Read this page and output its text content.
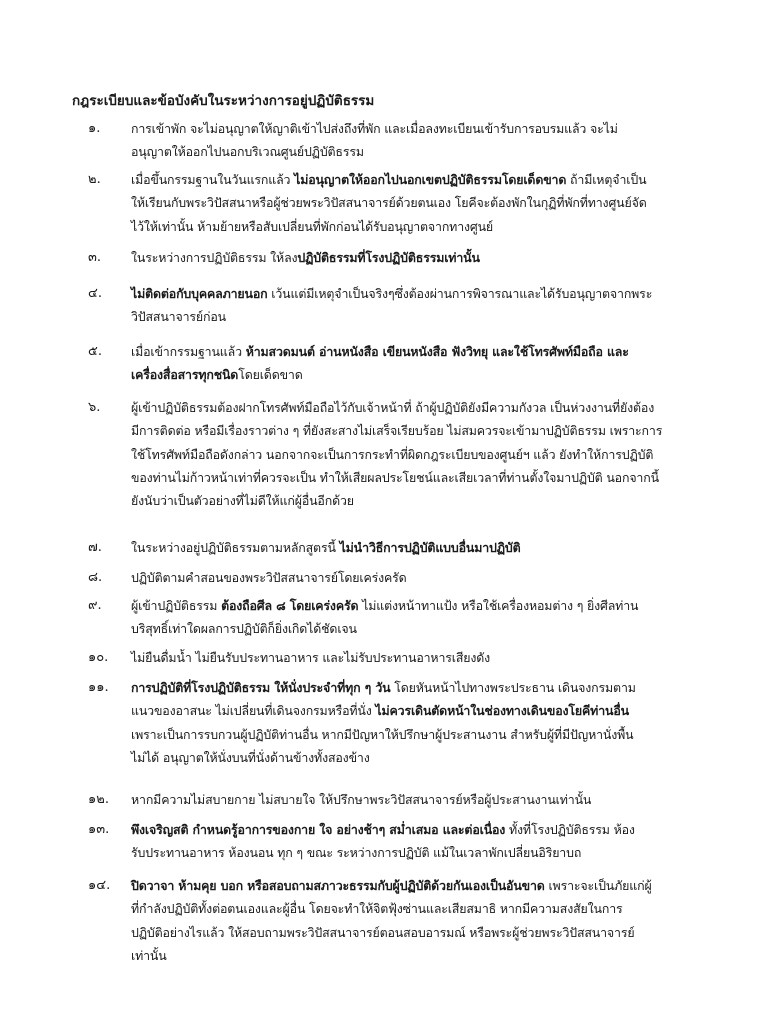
กฎระเบียบและข้อบังคับในระหว่างการอยู่ปฏิบัติธรรม
๑. การเข้าพัก จะไม่อนุญาตให้ญาติเข้าไปส่งถึงที่พัก และเมื่อลงทะเบียนเข้ารับการอบรมแล้ว จะไม่
อนุญาตให้ออกไปนอกบริเวณศูนย์ปฏิบัติธรรม
๒. เมื่อขึ้นกรรมฐานในวันแรกแล้ว ไม่อนุญาตให้ออกไปนอกเขตปฏิบัติธรรมโดยเด็ดขาด ถ้ามีเหตุจำเป็น
ให้เรียนกับพระวิปัสสนาหรือผู้ช่วยพระวิปัสสนาจารย์ด้วยตนเอง โยคีจะต้องพักในกุฏิที่พักที่ทางศูนย์จัด
ไว้ให้เท่านั้น ห้ามย้ายหรือสับเปลี่ยนที่พักก่อนได้รับอนุญาตจากทางศูนย์
๓. ในระหว่างการปฏิบัติธรรม ให้ลงปฏิบัติธรรมที่โรงปฏิบัติธรรมเท่านั้น
๔. ไม่ติดต่อกับบุคคลภายนอก เว้นแต่มีเหตุจำเป็นจริงๆซึ่งต้องผ่านการพิจารณาและได้รับอนุญาตจากพระ
วิปัสสนาจารย์ก่อน
๕. เมื่อเข้ากรรมฐานแล้ว ห้ามสวดมนต์ อ่านหนังสือ เขียนหนังสือ ฟังวิทยุ และใช้โทรศัพท์มือถือ และ
เครื่องสื่อสารทุกชนิดโดยเด็ดขาด
๖. ผู้เข้าปฏิบัติธรรมต้องฝากโทรศัพท์มือถือไว้กับเจ้าหน้าที่ ถ้าผู้ปฏิบัติยังมีความกังวล เป็นห่วงงานที่ยังต้อง
มีการติดต่อ หรือมีเรื่องราวต่าง ๆ ที่ยังสะสางไม่เสร็จเรียบร้อย ไม่สมควรจะเข้ามาปฏิบัติธรรม เพราะการ
ใช้โทรศัพท์มือถือดังกล่าว นอกจากจะเป็นการกระทำที่ผิดกฎระเบียบของศูนย์ฯ แล้ว ยังทำให้การปฏิบัติ
ของท่านไม่ก้าวหน้าเท่าที่ควรจะเป็น ทำให้เสียผลประโยชน์และเสียเวลาที่ท่านตั้งใจมาปฏิบัติ นอกจากนี้
ยังนับว่าเป็นตัวอย่างที่ไม่ดีให้แก่ผู้อื่นอีกด้วย
๗. ในระหว่างอยู่ปฏิบัติธรรมตามหลักสูตรนี้ ไม่นำวิธีการปฏิบัติแบบอื่นมาปฏิบัติ
๘. ปฏิบัติตามคำสอนของพระวิปัสสนาจารย์โดยเคร่งครัด
๙. ผู้เข้าปฏิบัติธรรม ต้องถือศีล ๘ โดยเคร่งครัด ไม่แต่งหน้าทาแป้ง หรือใช้เครื่องหอมต่าง ๆ ยิ่งศีลท่าน
บริสุทธิ์เท่าใดผลการปฏิบัติก็ยิ่งเกิดได้ชัดเจน
๑๐. ไม่ยืนดื่มน้ำ ไม่ยืนรับประทานอาหาร และไม่รับประทานอาหารเสียงดัง
๑๑. การปฏิบัติที่โรงปฏิบัติธรรม ให้นั่งประจำที่ทุก ๆ วัน โดยหันหน้าไปทางพระประธาน เดินจงกรมตาม
แนวของอาสนะ ไม่เปลี่ยนที่เดินจงกรมหรือที่นั่ง ไม่ควรเดินตัดหน้าในช่องทางเดินของโยคีท่านอื่น
เพราะเป็นการรบกวนผู้ปฏิบัติท่านอื่น หากมีปัญหาให้ปรึกษาผู้ประสานงาน สำหรับผู้ที่มีปัญหานั่งพื้น
ไม่ได้ อนุญาตให้นั่งบนที่นั่งด้านข้างทั้งสองข้าง
๑๒. หากมีความไม่สบายกาย ไม่สบายใจ ให้ปรึกษาพระวิปัสสนาจารย์หรือผู้ประสานงานเท่านั้น
๑๓. พึงเจริญสติ กำหนดรู้อาการของกาย ใจ อย่างช้าๆ สม่ำเสมอ และต่อเนื่อง ทั้งที่โรงปฏิบัติธรรม ห้อง
รับประทานอาหาร ห้องนอน ทุก ๆ ขณะ ระหว่างการปฏิบัติ แม้ในเวลาพักเปลี่ยนอิริยาบถ
๑๔. ปิดวาจา ห้ามคุย บอก หรือสอบถามสภาวะธรรมกับผู้ปฏิบัติด้วยกันเองเป็นอันขาด เพราะจะเป็นภัยแก่ผู้
ที่กำลังปฏิบัติทั้งต่อตนเองและผู้อื่น โดยจะทำให้จิตฟุ้งซ่านและเสียสมาธิ หากมีความสงสัยในการ
ปฏิบัติอย่างไรแล้ว ให้สอบถามพระวิปัสสนาจารย์ตอนสอบอารมณ์ หรือพระผู้ช่วยพระวิปัสสนาจารย์
เท่านั้น
